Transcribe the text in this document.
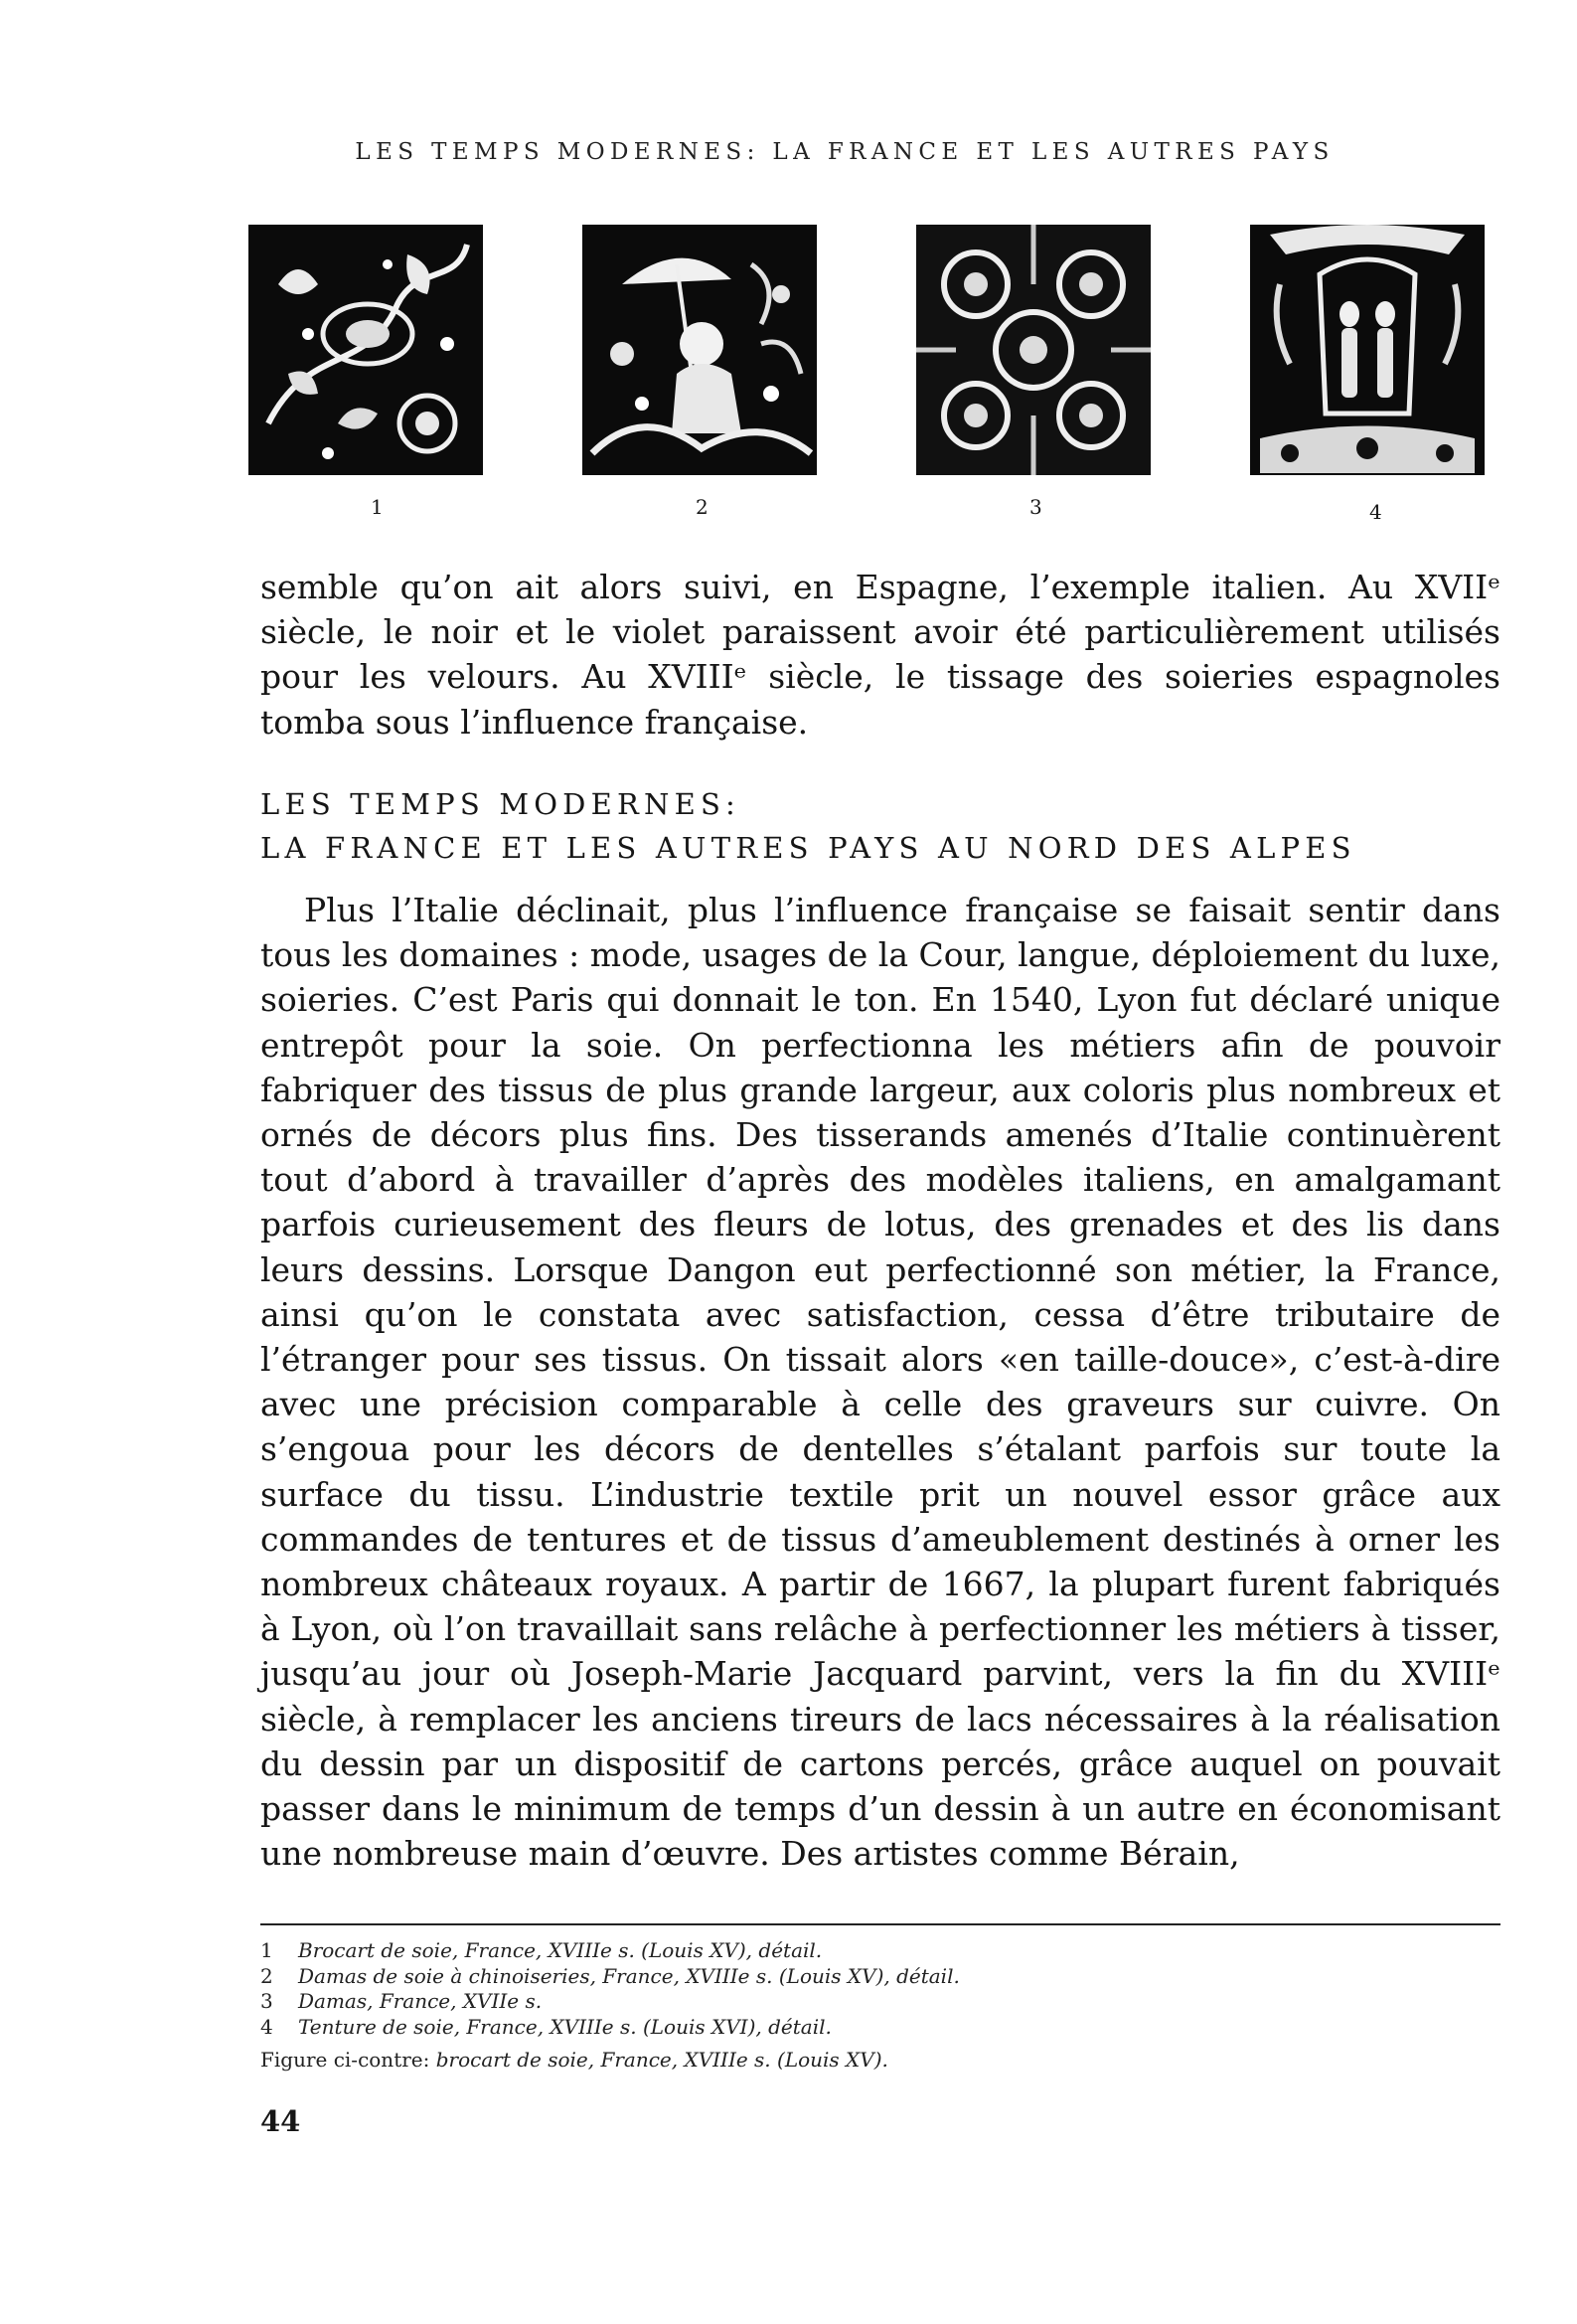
LES TEMPS MODERNES: LA FRANCE ET LES AUTRES PAYS
1	2	3	4

semble qu’on ait alors suivi, en Espagne, l’exemple italien. Au XVIIᵉ siècle, le noir et le violet paraissent avoir été particulièrement utilisés pour les velours. Au XVIIIᵉ siècle, le tissage des soieries espagnoles tomba sous l’influence française.

LES TEMPS MODERNES:
LA FRANCE ET LES AUTRES PAYS AU NORD DES ALPES

Plus l’Italie déclinait, plus l’influence française se faisait sentir dans tous les domaines : mode, usages de la Cour, langue, déploiement du luxe, soieries. C’est Paris qui donnait le ton. En 1540, Lyon fut déclaré unique entrepôt pour la soie. On perfectionna les métiers afin de pouvoir fabriquer des tissus de plus grande largeur, aux coloris plus nombreux et ornés de décors plus fins. Des tisserands amenés d’Italie continuèrent tout d’abord à travailler d’après des modèles italiens, en amalgamant parfois curieusement des fleurs de lotus, des grenades et des lis dans leurs dessins. Lorsque Dangon eut perfectionné son métier, la France, ainsi qu’on le constata avec satisfaction, cessa d’être tributaire de l’étranger pour ses tissus. On tissait alors «en taille-douce», c’est-à-dire avec une précision comparable à celle des graveurs sur cuivre. On s’engoua pour les décors de dentelles s’étalant parfois sur toute la surface du tissu. L’industrie textile prit un nouvel essor grâce aux commandes de tentures et de tissus d’ameublement destinés à orner les nombreux châteaux royaux. A partir de 1667, la plupart furent fabriqués à Lyon, où l’on travaillait sans relâche à perfectionner les métiers à tisser, jusqu’au jour où Joseph-Marie Jacquard parvint, vers la fin du XVIIIᵉ siècle, à remplacer les anciens tireurs de lacs nécessaires à la réalisation du dessin par un dispositif de cartons percés, grâce auquel on pouvait passer dans le minimum de temps d’un dessin à un autre en économisant une nombreuse main d’œuvre. Des artistes comme Bérain,

1 Brocart de soie, France, XVIIIe s. (Louis XV), détail.
2 Damas de soie à chinoiseries, France, XVIIIe s. (Louis XV), détail.
3 Damas, France, XVIIe s.
4 Tenture de soie, France, XVIIIe s. (Louis XVI), détail.
Figure ci-contre: brocart de soie, France, XVIIIe s. (Louis XV).
44
